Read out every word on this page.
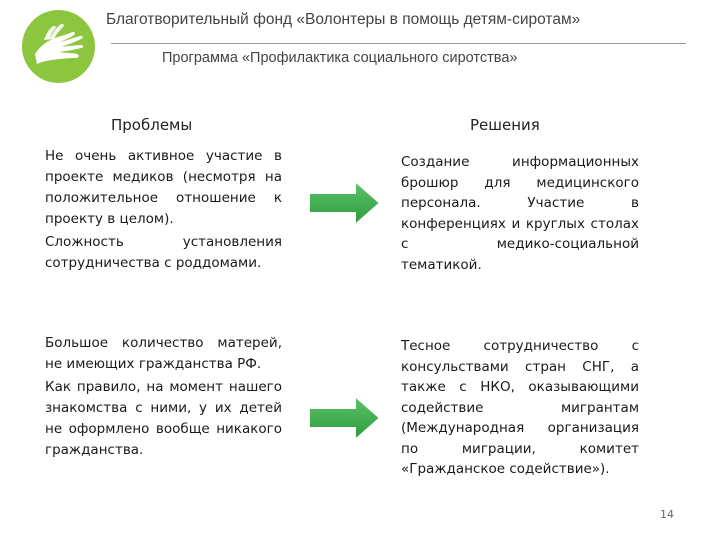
Благотворительный фонд «Волонтеры в помощь детям-сиротам»
Программа «Профилактика социального сиротства»
Проблемы	Решения

Не очень активное участие в проекте медиков (несмотря на положительное отношение к проекту в целом).

Сложность установления сотрудничества с роддомами.

Создание информационных брошюр для медицинского персонала. Участие в конференциях и круглых столах с медико-социальной тематикой.

Большое количество матерей, не имеющих гражданства РФ.

Как правило, на момент нашего знакомства с ними, у их детей не оформлено вообще никакого гражданства.

Тесное сотрудничество с консульствами стран СНГ, а также с НКО, оказывающими содействие мигрантам (Международная организация по миграции, комитет «Гражданское содействие»).
14
